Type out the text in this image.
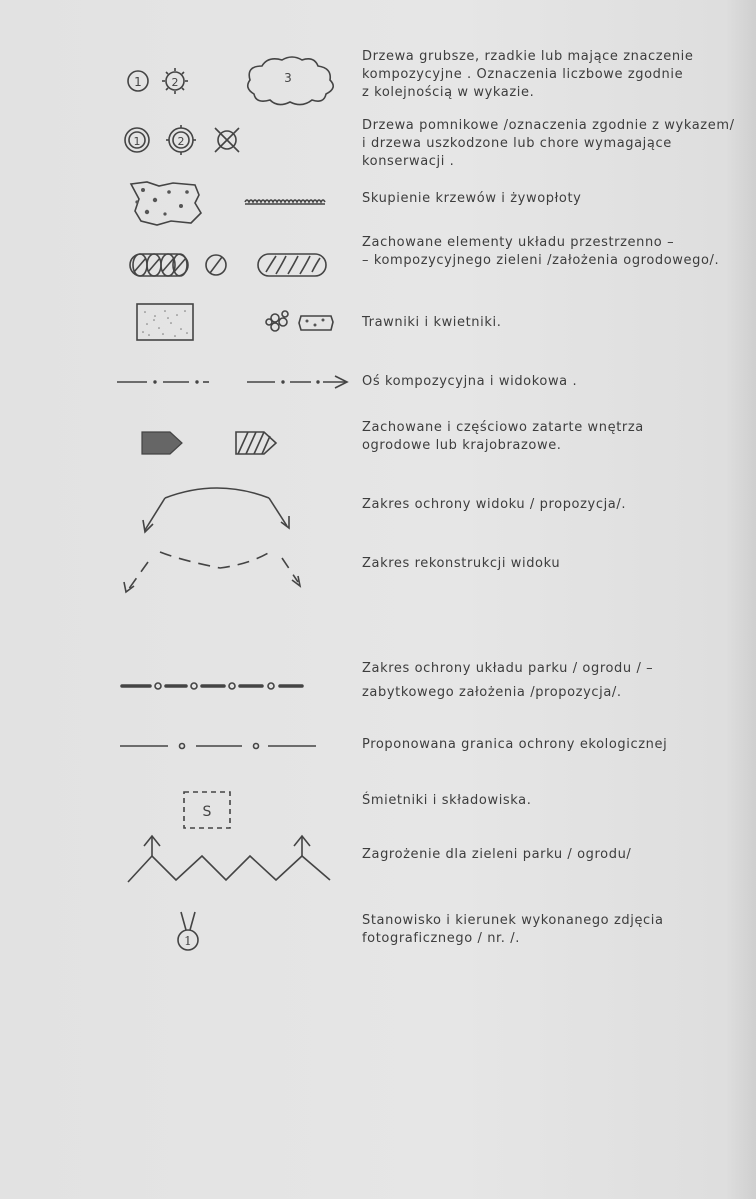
1	2	3

Drzewa grubsze, rzadkie lub mające znaczenie
kompozycyjne . Oznaczenia liczbowe zgodnie
z kolejnością w wykazie.

1	2

Drzewa pomnikowe /oznaczenia zgodnie z wykazem/
i drzewa uszkodzone lub chore wymagające
konserwacji .

Skupienie krzewów i żywopłoty

Zachowane elementy układu przestrzenno –
– kompozycyjnego zieleni /założenia ogrodowego/.

Trawniki i kwietniki.

Oś kompozycyjna i widokowa .

Zachowane i częściowo zatarte wnętrza
ogrodowe lub krajobrazowe.

Zakres ochrony widoku / propozycja/.

Zakres rekonstrukcji widoku

Zakres ochrony układu parku / ogrodu / –
zabytkowego założenia /propozycja/.

Proponowana granica ochrony ekologicznej

S

Śmietniki i składowiska.

Zagrożenie dla zieleni parku / ogrodu/

1

Stanowisko i kierunek wykonanego zdjęcia
fotograficznego / nr. /.
